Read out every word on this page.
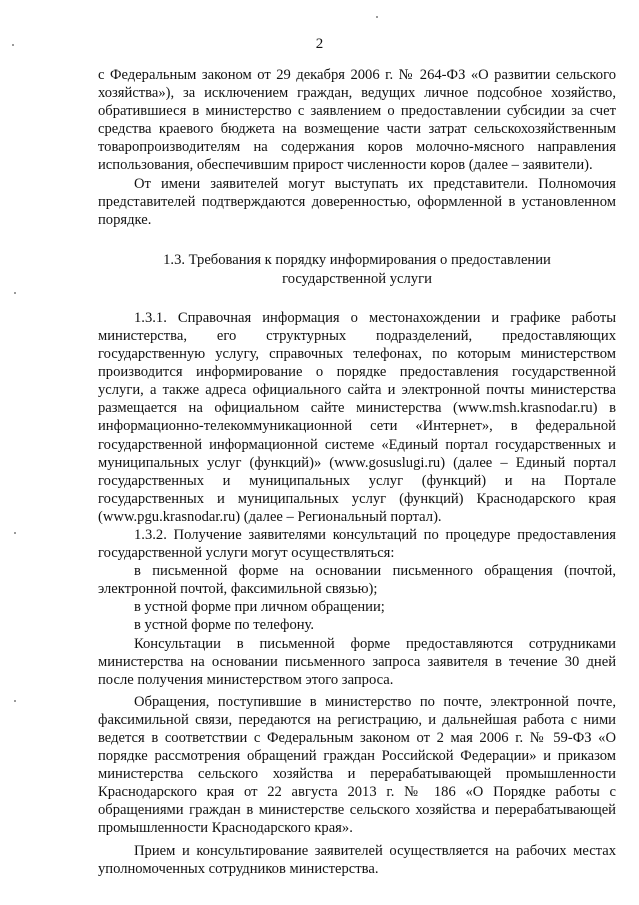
2

с Федеральным законом от 29 декабря 2006 г. № 264-ФЗ «О развитии сельского хозяйства»), за исключением граждан, ведущих личное подсобное хозяйство, обратившиеся в министерство с заявлением о предоставлении субсидии за счет средства краевого бюджета на возмещение части затрат сельскохозяйственным товаропроизводителям на содержания коров молочно-мясного направления использования, обеспечившим прирост численности коров (далее – заявители).

От имени заявителей могут выступать их представители. Полномочия представителей подтверждаются доверенностью, оформленной в установленном порядке.

1.3. Требования к порядку информирования о предоставлении
государственной услуги

1.3.1. Справочная информация о местонахождении и графике работы министерства, его структурных подразделений, предоставляющих государственную услугу, справочных телефонах, по которым министерством производится информирование о порядке предоставления государственной услуги, а также адреса официального сайта и электронной почты министерства размещается на официальном сайте министерства (www.msh.krasnodar.ru) в информационно-телекоммуникационной сети «Интернет», в федеральной государственной информационной системе «Единый портал государственных и муниципальных услуг (функций)» (www.gosuslugi.ru) (далее – Единый портал государственных и муниципальных услуг (функций) и на Портале государственных и муниципальных услуг (функций) Краснодарского края (www.pgu.krasnodar.ru) (далее – Региональный портал).

1.3.2. Получение заявителями консультаций по процедуре предоставления государственной услуги могут осуществляться:

в письменной форме на основании письменного обращения (почтой, электронной почтой, факсимильной связью);

в устной форме при личном обращении;

в устной форме по телефону.

Консультации в письменной форме предоставляются сотрудниками министерства на основании письменного запроса заявителя в течение 30 дней после получения министерством этого запроса.

Обращения, поступившие в министерство по почте, электронной почте, факсимильной связи, передаются на регистрацию, и дальнейшая работа с ними ведется в соответствии с Федеральным законом от 2 мая 2006 г. № 59-ФЗ «О порядке рассмотрения обращений граждан Российской Федерации» и приказом министерства сельского хозяйства и перерабатывающей промышленности Краснодарского края от 22 августа 2013 г. № 186 «О Порядке работы с обращениями граждан в министерстве сельского хозяйства и перерабатывающей промышленности Краснодарского края».

Прием и консультирование заявителей осуществляется на рабочих местах уполномоченных сотрудников министерства.
